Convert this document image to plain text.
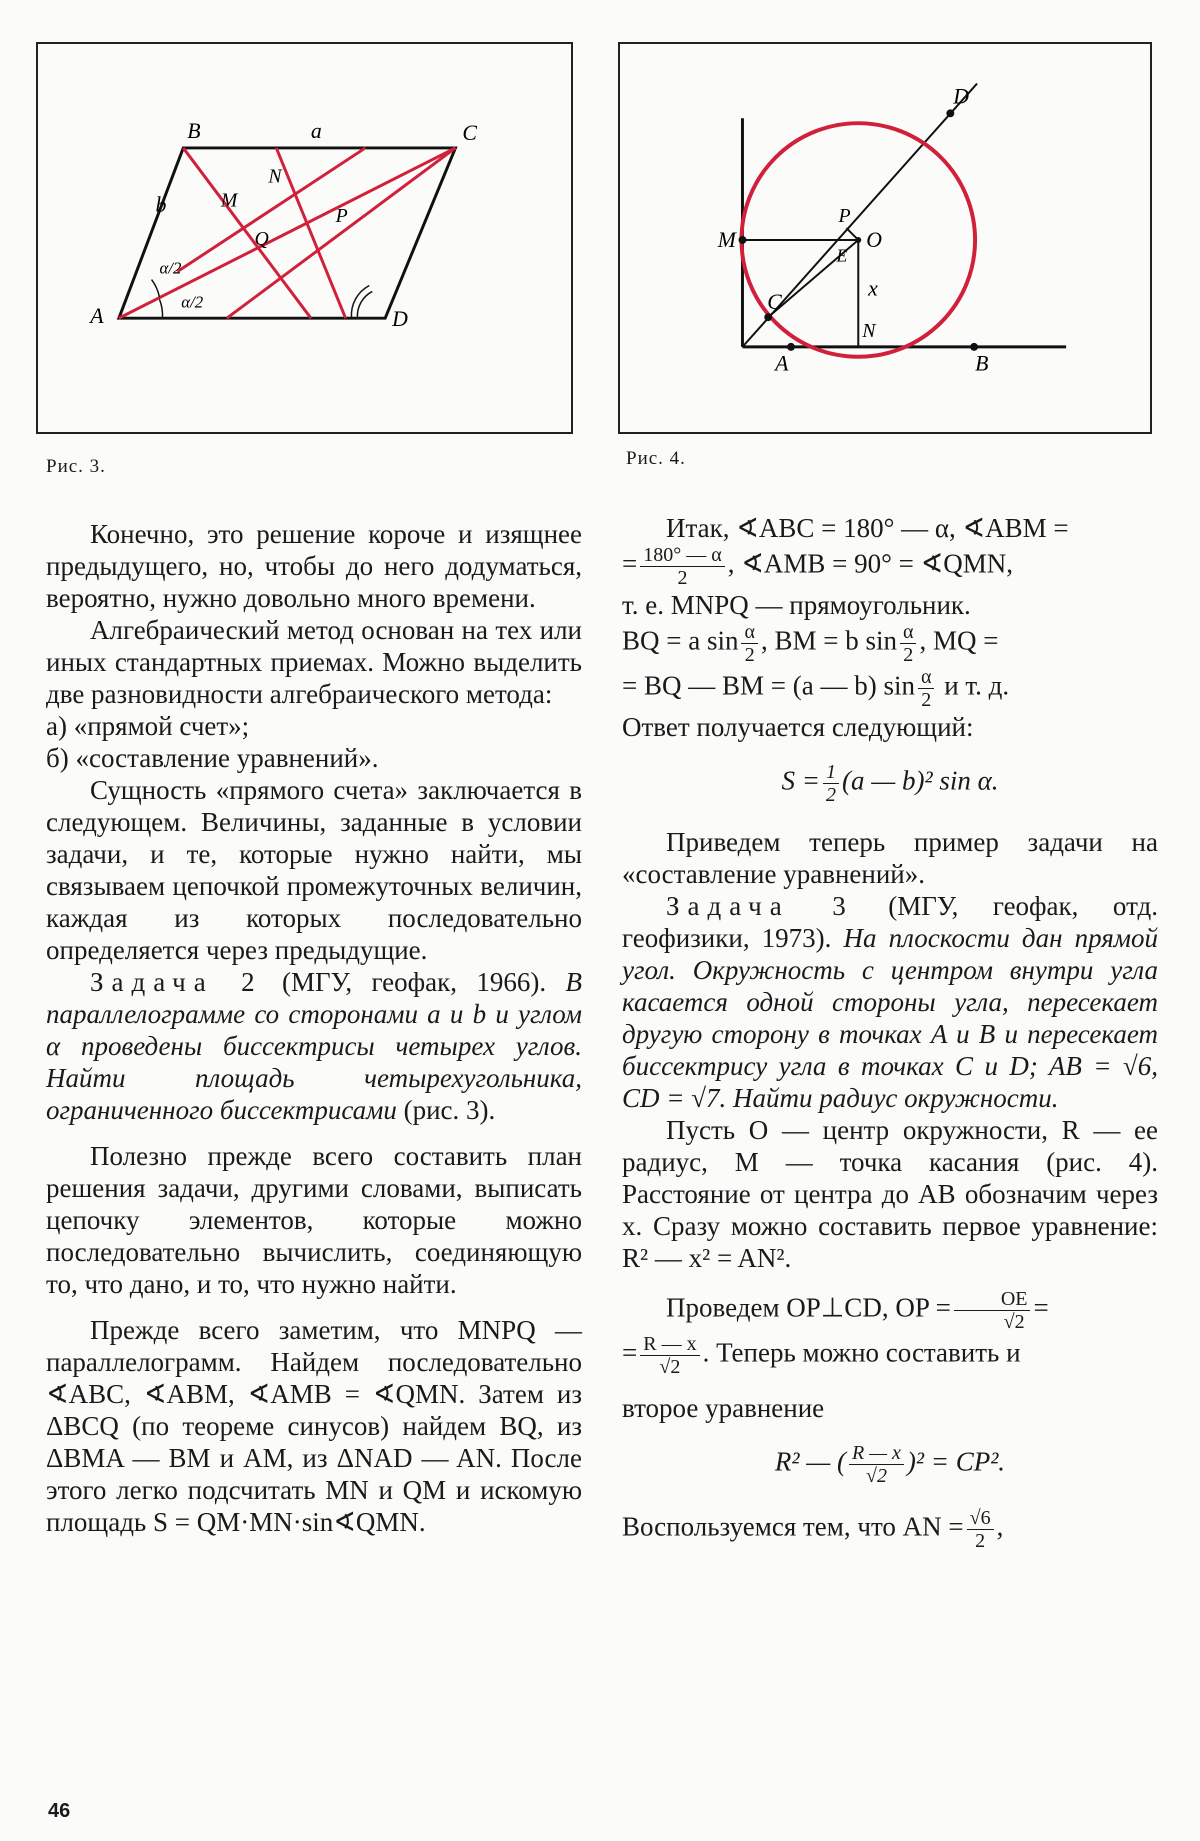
B	a	C
N
b	M
P
Q
α/2
α/2
A	D
Рис. 3.
D
P
M	O
E
x
C
N
A	B
Рис. 4.

Конечно, это решение короче и изящнее предыдущего, но, чтобы до него додуматься, вероятно, нужно довольно много времени.

Алгебраический метод основан на тех или иных стандартных приемах. Можно выделить две разновидности алгебраического метода:

а) «прямой счет»;

б) «составление уравнений».

Сущность «прямого счета» заключается в следующем. Величины, заданные в условии задачи, и те, которые нужно найти, мы связываем цепочкой промежуточных величин, каждая из которых последовательно определяется через предыдущие.

Задача 2 (МГУ, геофак, 1966). В параллелограмме со сторонами a и b и углом α проведены биссектрисы четырех углов. Найти площадь четырехугольника, ограниченного биссектрисами (рис. 3).

Полезно прежде всего составить план решения задачи, другими словами, выписать цепочку элементов, которые можно последовательно вычислить, соединяющую то, что дано, и то, что нужно найти.

Прежде всего заметим, что MNPQ — параллелограмм. Найдем последовательно ∢ABC, ∢ABM, ∢AMB = ∢QMN. Затем из ΔBCQ (по теореме синусов) найдем BQ, из ΔBMA — BM и AM, из ΔNAD — AN. После этого легко подсчитать MN и QM и искомую площадь S = QM·MN·sin∢QMN.

Итак, ∢ABC = 180° — α, ∢ABM =

= $\frac{180^\circ — \alpha}{2}$ , ∢AMB = 90° = ∢QMN,

т. е. MNPQ — прямоугольник.

BQ = a $\sin \frac{\alpha}{2}$ , BM = b $\sin \frac{\alpha}{2}$ , MQ =

= BQ — BM = (a — b) $\sin \frac{\alpha}{2}$ и т. д.

Ответ получается следующий:

$S = \frac{1}{2} (a$ — b)² sin α.

Приведем теперь пример задачи на «составление уравнений».

Задача 3 (МГУ, геофак, отд. геофизики, 1973). На плоскости дан прямой угол. Окружность с центром внутри угла касается одной стороны угла, пересекает другую сторону в точках A и B и пересекает биссектрису угла в точках C и D; AB = √6, CD = √7. Найти радиус окружности.

Пусть O — центр окружности, R — ее радиус, M — точка касания (рис. 4). Расстояние от центра до AB обозначим через x. Сразу можно составить первое уравнение: R² — x² = AN².

Проведем OP⊥CD, OP = $\frac{OE}{√2}$ =

= $\frac{R — x}{√2}$ . Теперь можно составить и

второе уравнение

R² — ( $\frac{R — x}{√2} )^2 = CP^2$.

Воспользуемся тем, что AN = $\frac{√6}{2}$ ,

46
